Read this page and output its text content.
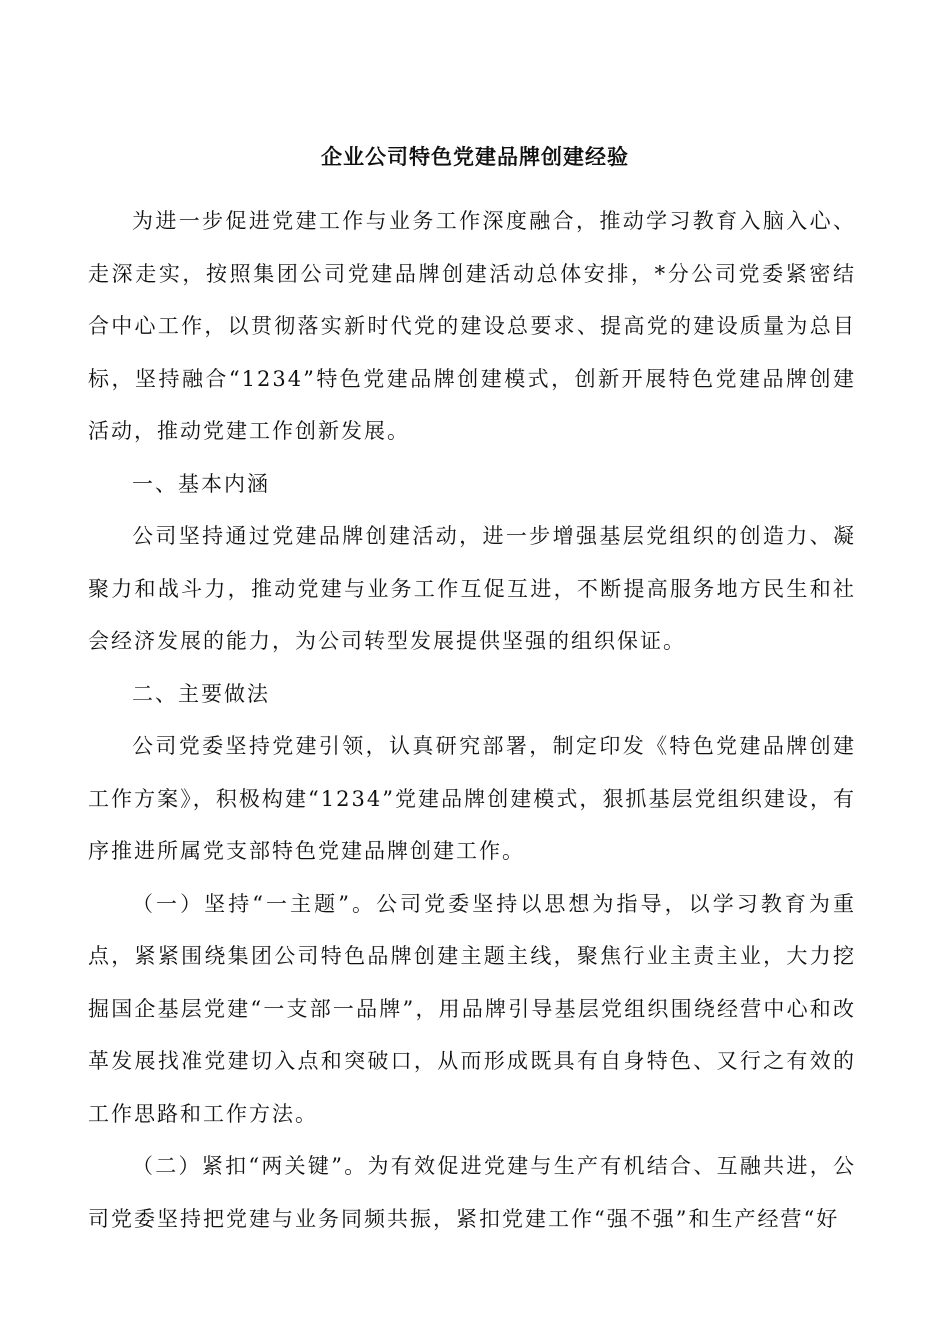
企业公司特色党建品牌创建经验

为进一步促进党建工作与业务工作深度融合，推动学习教育入脑入心、走深走实，按照集团公司党建品牌创建活动总体安排，*分公司党委紧密结合中心工作，以贯彻落实新时代党的建设总要求、提高党的建设质量为总目标，坚持融合“1234”特色党建品牌创建模式，创新开展特色党建品牌创建活动，推动党建工作创新发展。

一、基本内涵

公司坚持通过党建品牌创建活动，进一步增强基层党组织的创造力、凝聚力和战斗力，推动党建与业务工作互促互进，不断提高服务地方民生和社会经济发展的能力，为公司转型发展提供坚强的组织保证。

二、主要做法

公司党委坚持党建引领，认真研究部署，制定印发《特色党建品牌创建工作方案》，积极构建“1234”党建品牌创建模式，狠抓基层党组织建设，有序推进所属党支部特色党建品牌创建工作。

（一）坚持“一主题”。公司党委坚持以思想为指导，以学习教育为重点，紧紧围绕集团公司特色品牌创建主题主线，聚焦行业主责主业，大力挖掘国企基层党建“一支部一品牌”，用品牌引导基层党组织围绕经营中心和改革发展找准党建切入点和突破口，从而形成既具有自身特色、又行之有效的工作思路和工作方法。

（二）紧扣“两关键”。为有效促进党建与生产有机结合、互融共进，公司党委坚持把党建与业务同频共振，紧扣党建工作“强不强”和生产经营“好
